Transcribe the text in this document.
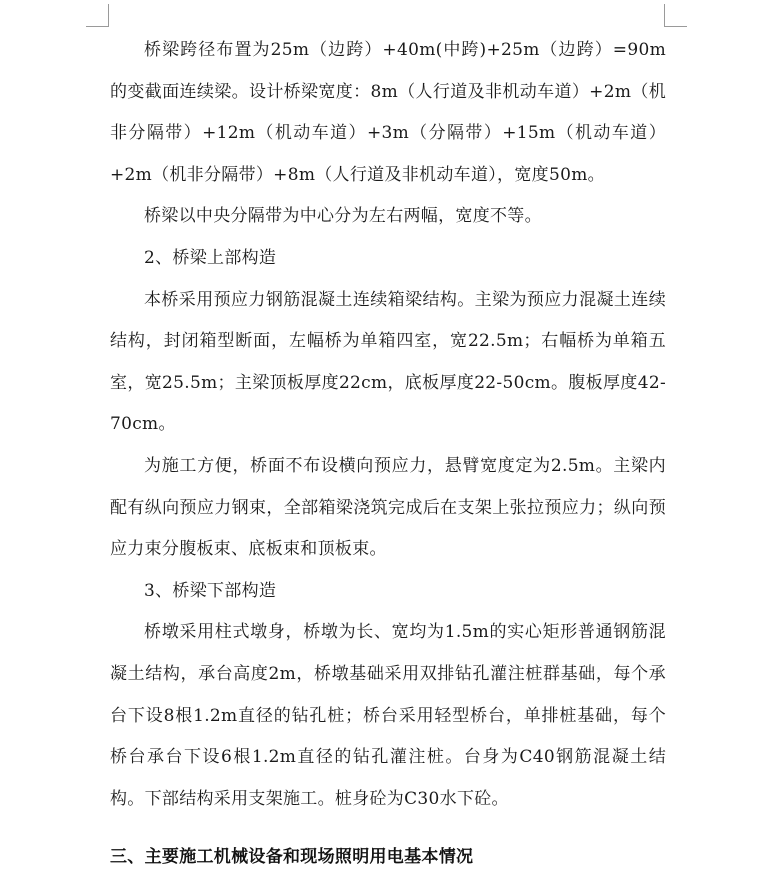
桥梁跨径布置为25m（边跨）+40m(中跨)+25m（边跨）=90m的变截面连续梁。设计桥梁宽度：8m（人行道及非机动车道）+2m（机非分隔带）+12m（机动车道）+3m（分隔带）+15m（机动车道）+2m（机非分隔带）+8m（人行道及非机动车道），宽度50m。

桥梁以中央分隔带为中心分为左右两幅，宽度不等。

2、桥梁上部构造

本桥采用预应力钢筋混凝土连续箱梁结构。主梁为预应力混凝土连续结构，封闭箱型断面，左幅桥为单箱四室，宽22.5m；右幅桥为单箱五室，宽25.5m；主梁顶板厚度22cm，底板厚度22-50cm。腹板厚度42-70cm。

为施工方便，桥面不布设横向预应力，悬臂宽度定为2.5m。主梁内配有纵向预应力钢束，全部箱梁浇筑完成后在支架上张拉预应力；纵向预应力束分腹板束、底板束和顶板束。

3、桥梁下部构造

桥墩采用柱式墩身，桥墩为长、宽均为1.5m的实心矩形普通钢筋混凝土结构，承台高度2m，桥墩基础采用双排钻孔灌注桩群基础，每个承台下设8根1.2m直径的钻孔桩；桥台采用轻型桥台，单排桩基础，每个桥台承台下设6根1.2m直径的钻孔灌注桩。台身为C40钢筋混凝土结构。下部结构采用支架施工。桩身砼为C30水下砼。

三、主要施工机械设备和现场照明用电基本情况
